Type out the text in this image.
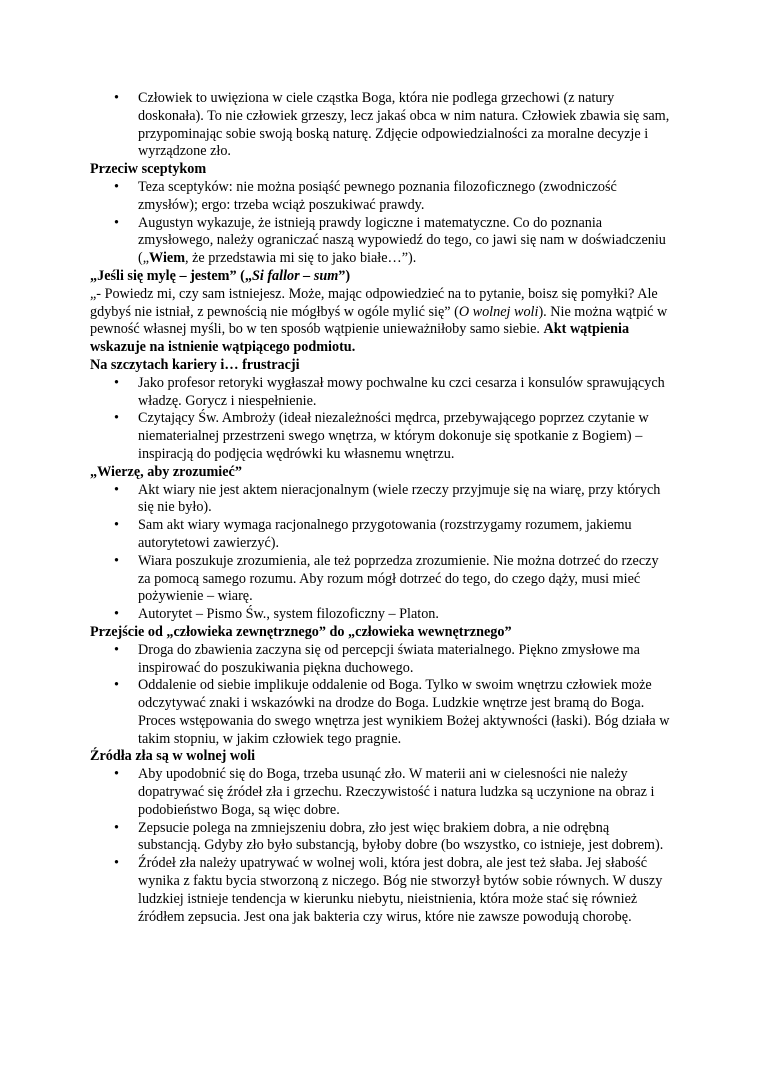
• Człowiek to uwięziona w ciele cząstka Boga, która nie podlega grzechowi (z natury doskonała). To nie człowiek grzeszy, lecz jakaś obca w nim natura. Człowiek zbawia się sam, przypominając sobie swoją boską naturę. Zdjęcie odpowiedzialności za moralne decyzje i wyrządzone zło.

Przeciw sceptykom

• Teza sceptyków: nie można posiąść pewnego poznania filozoficznego (zwodniczość zmysłów); ergo: trzeba wciąż poszukiwać prawdy.
• Augustyn wykazuje, że istnieją prawdy logiczne i matematyczne. Co do poznania zmysłowego, należy ograniczać naszą wypowiedź do tego, co jawi się nam w doświadczeniu („Wiem, że przedstawia mi się to jako białe…”).

„Jeśli się mylę – jestem” („Si fallor – sum”)

„- Powiedz mi, czy sam istniejesz. Może, mając odpowiedzieć na to pytanie, boisz się pomyłki? Ale gdybyś nie istniał, z pewnością nie mógłbyś w ogóle mylić się” (O wolnej woli). Nie można wątpić w pewność własnej myśli, bo w ten sposób wątpienie unieważniłoby samo siebie. Akt wątpienia wskazuje na istnienie wątpiącego podmiotu.

Na szczytach kariery i… frustracji

• Jako profesor retoryki wygłaszał mowy pochwalne ku czci cesarza i konsulów sprawujących władzę. Gorycz i niespełnienie.
• Czytający Św. Ambroży (ideał niezależności mędrca, przebywającego poprzez czytanie w niematerialnej przestrzeni swego wnętrza, w którym dokonuje się spotkanie z Bogiem) – inspiracją do podjęcia wędrówki ku własnemu wnętrzu.

„Wierzę, aby zrozumieć”

• Akt wiary nie jest aktem nieracjonalnym (wiele rzeczy przyjmuje się na wiarę, przy których się nie było).
• Sam akt wiary wymaga racjonalnego przygotowania (rozstrzygamy rozumem, jakiemu autorytetowi zawierzyć).
• Wiara poszukuje zrozumienia, ale też poprzedza zrozumienie. Nie można dotrzeć do rzeczy za pomocą samego rozumu. Aby rozum mógł dotrzeć do tego, do czego dąży, musi mieć pożywienie – wiarę.
• Autorytet – Pismo Św., system filozoficzny – Platon.

Przejście od „człowieka zewnętrznego” do „człowieka wewnętrznego”

• Droga do zbawienia zaczyna się od percepcji świata materialnego. Piękno zmysłowe ma inspirować do poszukiwania piękna duchowego.
• Oddalenie od siebie implikuje oddalenie od Boga. Tylko w swoim wnętrzu człowiek może odczytywać znaki i wskazówki na drodze do Boga. Ludzkie wnętrze jest bramą do Boga. Proces wstępowania do swego wnętrza jest wynikiem Bożej aktywności (łaski). Bóg działa w takim stopniu, w jakim człowiek tego pragnie.

Źródła zła są w wolnej woli

• Aby upodobnić się do Boga, trzeba usunąć zło. W materii ani w cielesności nie należy dopatrywać się źródeł zła i grzechu. Rzeczywistość i natura ludzka są uczynione na obraz i podobieństwo Boga, są więc dobre.
• Zepsucie polega na zmniejszeniu dobra, zło jest więc brakiem dobra, a nie odrębną substancją. Gdyby zło było substancją, byłoby dobre (bo wszystko, co istnieje, jest dobrem).
• Źródeł zła należy upatrywać w wolnej woli, która jest dobra, ale jest też słaba. Jej słabość wynika z faktu bycia stworzoną z niczego. Bóg nie stworzył bytów sobie równych. W duszy ludzkiej istnieje tendencja w kierunku niebytu, nieistnienia, która może stać się również źródłem zepsucia. Jest ona jak bakteria czy wirus, które nie zawsze powodują chorobę.
